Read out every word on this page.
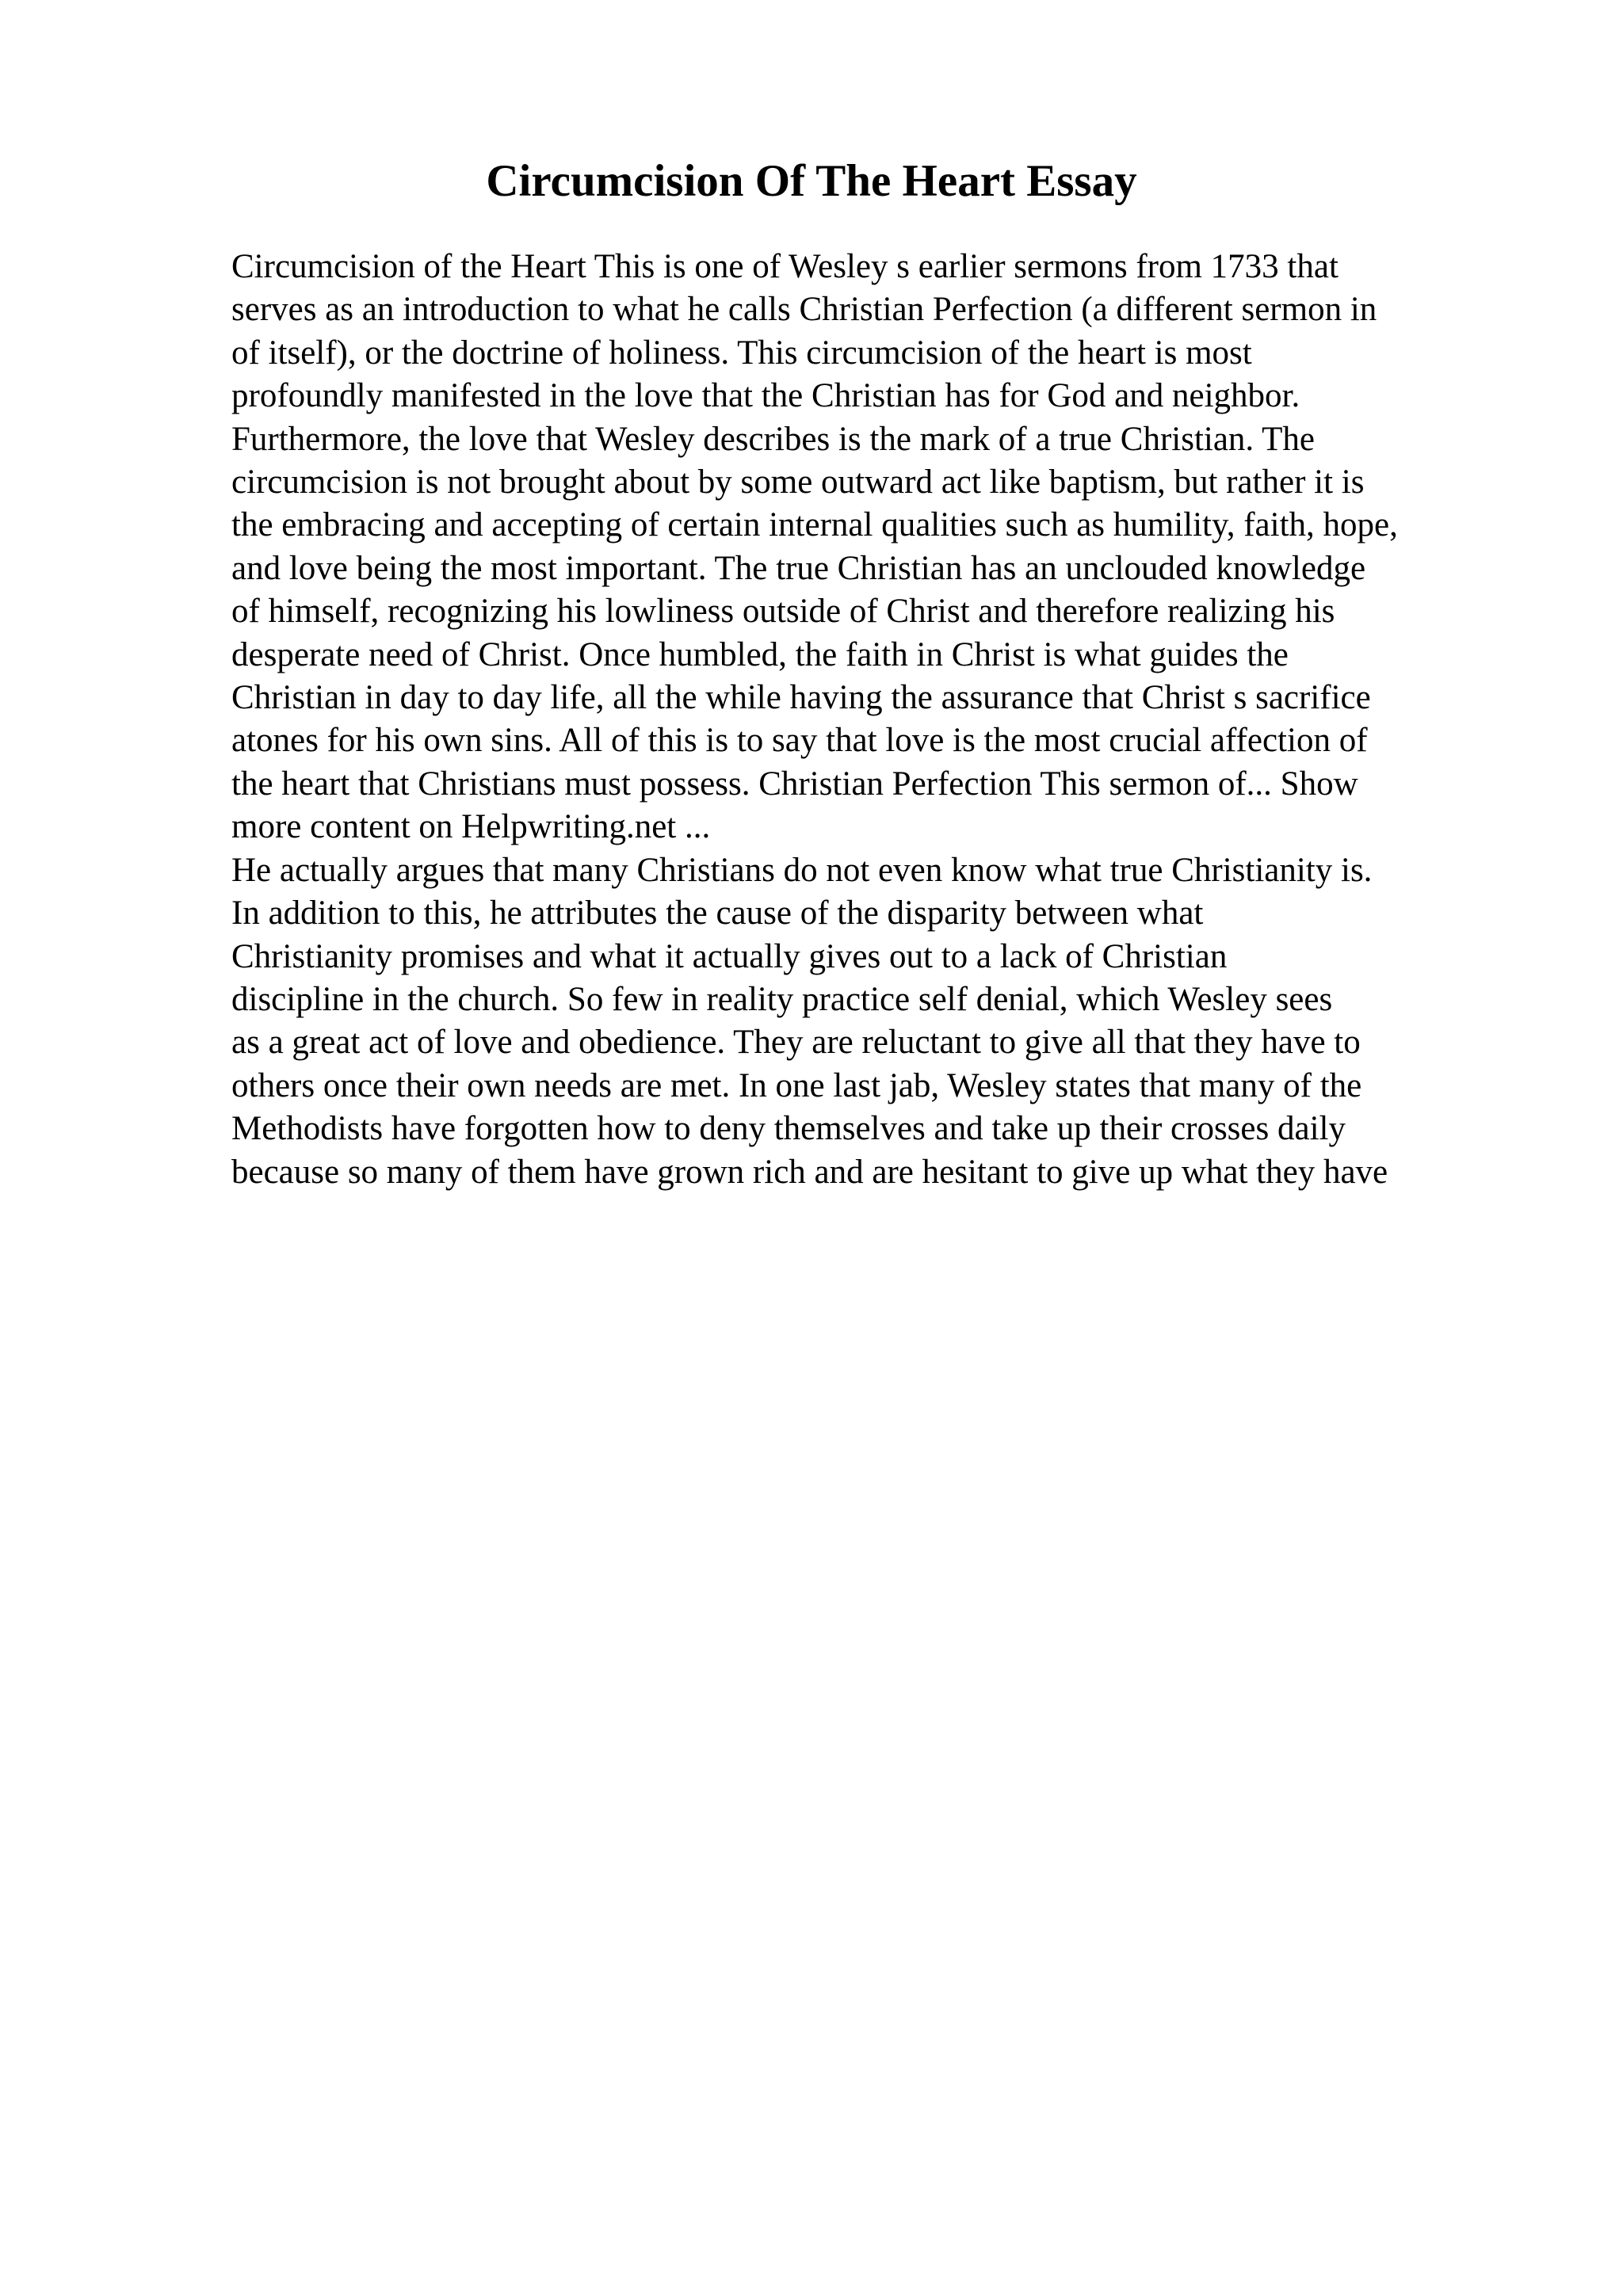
Circumcision Of The Heart Essay
Circumcision of the Heart This is one of Wesley s earlier sermons from 1733 that
serves as an introduction to what he calls Christian Perfection (a different sermon in
of itself), or the doctrine of holiness. This circumcision of the heart is most
profoundly manifested in the love that the Christian has for God and neighbor.
Furthermore, the love that Wesley describes is the mark of a true Christian. The
circumcision is not brought about by some outward act like baptism, but rather it is
the embracing and accepting of certain internal qualities such as humility, faith, hope,
and love being the most important. The true Christian has an unclouded knowledge
of himself, recognizing his lowliness outside of Christ and therefore realizing his
desperate need of Christ. Once humbled, the faith in Christ is what guides the
Christian in day to day life, all the while having the assurance that Christ s sacrifice
atones for his own sins. All of this is to say that love is the most crucial affection of
the heart that Christians must possess. Christian Perfection This sermon of... Show
more content on Helpwriting.net ...
He actually argues that many Christians do not even know what true Christianity is.
In addition to this, he attributes the cause of the disparity between what
Christianity promises and what it actually gives out to a lack of Christian
discipline in the church. So few in reality practice self denial, which Wesley sees
as a great act of love and obedience. They are reluctant to give all that they have to
others once their own needs are met. In one last jab, Wesley states that many of the
Methodists have forgotten how to deny themselves and take up their crosses daily
because so many of them have grown rich and are hesitant to give up what they have
